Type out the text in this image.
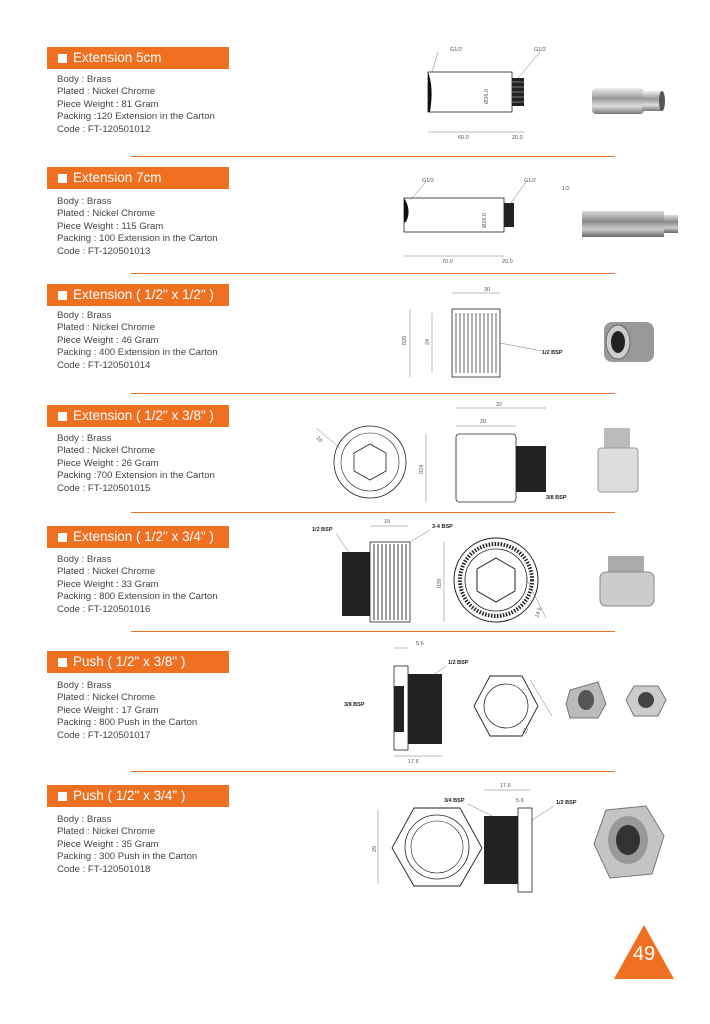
Extension 5cm
Body : Brass
Plated : Nickel Chrome
Piece Weight : 81 Gram
Packing :120 Extension in the Carton
Code : FT-120501012
G1/2	G1/2
Ø26.0
60.0	20.0
Extension 7cm
Body : Brass
Plated : Nickel Chrome
Piece Weight : 115 Gram
Packing : 100 Extension in the Carton
Code : FT-120501013
G1/2	G1/2
1/2
Ø26.0
70.0	20.0
Extension ( 1/2" x 1/2" )
Body : Brass
Plated : Nickel Chrome
Piece Weight : 46 Gram
Packing : 400 Extension in the Carton
Code : FT-120501014
30
026	24
1/2 BSP
Extension ( 1/2" x 3/8" )
Body : Brass
Plated : Nickel Chrome
Piece Weight : 26 Gram
Packing :700 Extension in the Carton
Code : FT-120501015
10
32
20
024
3/8 BSP
Extension ( 1/2" x 3/4" )
Body : Brass
Plated : Nickel Chrome
Piece Weight : 33 Gram
Packing : 800 Extension in the Carton
Code : FT-120501016
1/2 BSP
15
3-4 BSP
029
14.5
Push ( 1/2" x 3/8" )
Body : Brass
Plated : Nickel Chrome
Piece Weight : 17 Gram
Packing : 800 Push in the Carton
Code : FT-120501017
5.6
1/2 BSP
3/8 BSP
17.6
21
Push ( 1/2" x 3/4" )
Body : Brass
Plated : Nickel Chrome
Piece Weight : 35 Gram
Packing : 300 Push in the Carton
Code : FT-120501018
29
17.6
3/4 BSP	5.6	1/2 BSP
49
